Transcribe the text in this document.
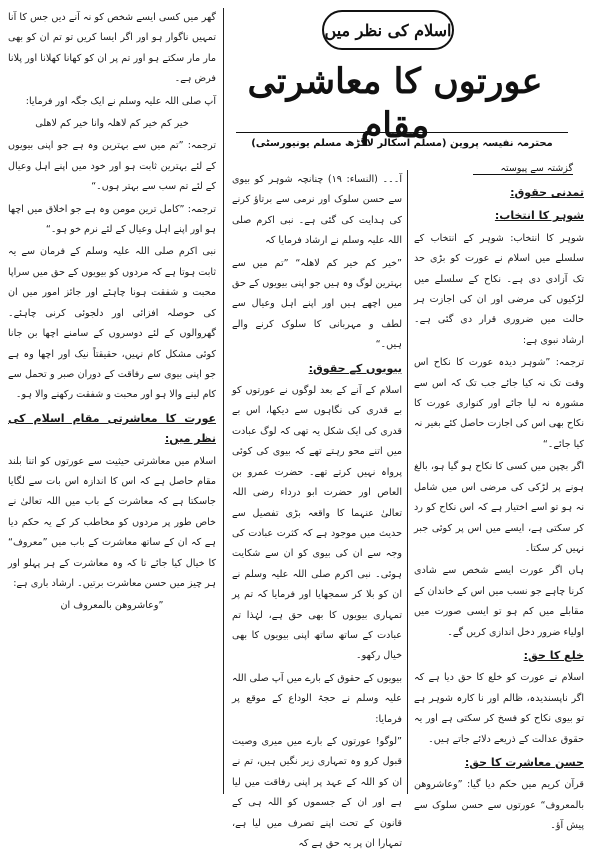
گھر میں کسی ایسے شخص کو نہ آنے دیں جس کا آنا تمہیں ناگوار ہو اور اگر ایسا کریں تو تم ان کو بھی مار مار سکتے ہو اور تم پر ان کو کھانا کھلانا اور پلانا فرض ہے۔

آپ صلی اللہ علیہ وسلم نے ایک جگہ اور فرمایا:

خیر کم خیر کم لاھلہ وانا خیر کم لاھلی

ترجمہ: ”تم میں سے بہترین وہ ہے جو اپنی بیویوں کے لئے بہترین ثابت ہو اور خود میں اپنے اہل وعیال کے لئے تم سب سے بہتر ہوں۔“

ترجمہ: ”کامل ترین مومن وہ ہے جو اخلاق میں اچھا ہو اور اپنے اہل وعیال کے لئے نرم خو ہو۔“

نبی اکرم صلی اللہ علیہ وسلم کے فرمان سے یہ ثابت ہوتا ہے کہ مردوں کو بیویوں کے حق میں سراپا محبت و شفقت ہونا چاہئے اور جائز امور میں ان کی حوصلہ افزائی اور دلجوئی کرنی چاہئے۔ گھروالوں کے لئے دوسروں کے سامنے اچھا بن جانا کوئی مشکل کام نہیں، حقیقتاً نیک اور اچھا وہ ہے جو اپنی بیوی سے رفاقت کے دوران صبر و تحمل سے کام لینے والا ہو اور محبت و شفقت رکھنے والا ہو۔

عورت کا معاشرتی مقام اسلام کی نظر میں:

اسلام میں معاشرتی حیثیت سے عورتوں کو اتنا بلند مقام حاصل ہے کہ اس کا اندازہ اس بات سے لگایا جاسکتا ہے کہ معاشرت کے باب میں اللہ تعالیٰ نے خاص طور پر مردوں کو مخاطب کر کے یہ حکم دیا ہے کہ ان کے ساتھ معاشرت کے باب میں ”معروف“ کا خیال کیا جائے تا کہ وہ معاشرت کے ہر پہلو اور ہر چیز میں حسن معاشرت برتیں۔ ارشاد باری ہے:

”وعاشروھن بالمعروف ان

اسلام کی نظر میں
عورتوں کا معاشرتی مقام
محترمہ نفیسہ پروین (مسلم اسکالر لاگڑھ مسلم یونیورسٹی)
گزشتہ سے پیوستہ

آ۔۔۔ (النساء: ۱۹) چنانچہ شوہر کو بیوی سے حسن سلوک اور نرمی سے برتاؤ کرنے کی ہدایت کی گئی ہے۔ نبی اکرم صلی اللہ علیہ وسلم نے ارشاد فرمایا کہ

”خیر کم خیر کم لاھلہ“ ”تم میں سے بہترین لوگ وہ ہیں جو اپنی بیویوں کے حق میں اچھے ہیں اور اپنے اہل وعیال سے لطف و مہربانی کا سلوک کرنے والے ہیں۔“

بیویوں کے حقوق:

اسلام کے آنے کے بعد لوگوں نے عورتوں کو بے قدری کی نگاہوں سے دیکھا، اس بے قدری کی ایک شکل یہ تھی کہ لوگ عبادت میں اتنے محو رہتے تھے کہ بیوی کی کوئی پرواہ نہیں کرتے تھے۔ حضرت عمرو بن العاص اور حضرت ابو درداء رضی اللہ تعالیٰ عنہما کا واقعہ بڑی تفصیل سے حدیث میں موجود ہے کہ کثرت عبادت کی وجہ سے ان کی بیوی کو ان سے شکایت ہوئی۔ نبی اکرم صلی اللہ علیہ وسلم نے ان کو بلا کر سمجھایا اور فرمایا کہ تم پر تمہاری بیویوں کا بھی حق ہے، لہٰذا تم عبادت کے ساتھ ساتھ اپنی بیویوں کا بھی خیال رکھو۔

بیویوں کے حقوق کے بارے میں آپ صلی اللہ علیہ وسلم نے حجۃ الوداع کے موقع پر فرمایا:

”لوگو! عورتوں کے بارے میں میری وصیت قبول کرو وہ تمہاری زیر نگیں ہیں، تم نے ان کو اللہ کے عہد پر اپنی رفاقت میں لیا ہے اور ان کے جسموں کو اللہ ہی کے قانون کے تحت اپنے تصرف میں لیا ہے، تمہارا ان پر یہ حق ہے کہ

تمدنی حقوق:
شوہر کا انتخاب:

شوہر کا انتخاب: شوہر کے انتخاب کے سلسلے میں اسلام نے عورت کو بڑی حد تک آزادی دی ہے۔ نکاح کے سلسلے میں لڑکیوں کی مرضی اور ان کی اجازت ہر حالت میں ضروری قرار دی گئی ہے۔ ارشاد نبوی ہے:

ترجمہ: ”شوہر دیدہ عورت کا نکاح اس وقت تک نہ کیا جائے جب تک کہ اس سے مشورہ نہ لیا جائے اور کنواری عورت کا نکاح بھی اس کی اجازت حاصل کئے بغیر نہ کیا جائے۔“

اگر بچپن میں کسی کا نکاح ہو گیا ہو، بالغ ہونے پر لڑکی کی مرضی اس میں شامل نہ ہو تو اسے اختیار ہے کہ اس نکاح کو رد کر سکتی ہے، ایسے میں اس پر کوئی جبر نہیں کر سکتا۔

ہاں اگر عورت ایسے شخص سے شادی کرنا چاہے جو نسب میں اس کے خاندان کے مقابلے میں کم ہو تو ایسی صورت میں اولیاء ضرور دخل اندازی کریں گے۔

خلع کا حق:

اسلام نے عورت کو خلع کا حق دیا ہے کہ اگر ناپسندیدہ، ظالم اور نا کارہ شوہر ہے تو بیوی نکاح کو فسخ کر سکتی ہے اور یہ حقوق عدالت کے ذریعے دلائے جاتے ہیں۔

حسن معاشرت کا حق:

قرآن کریم میں حکم دیا گیا: ”وعاشروھن بالمعروف“ عورتوں سے حسن سلوک سے پیش آؤ۔
